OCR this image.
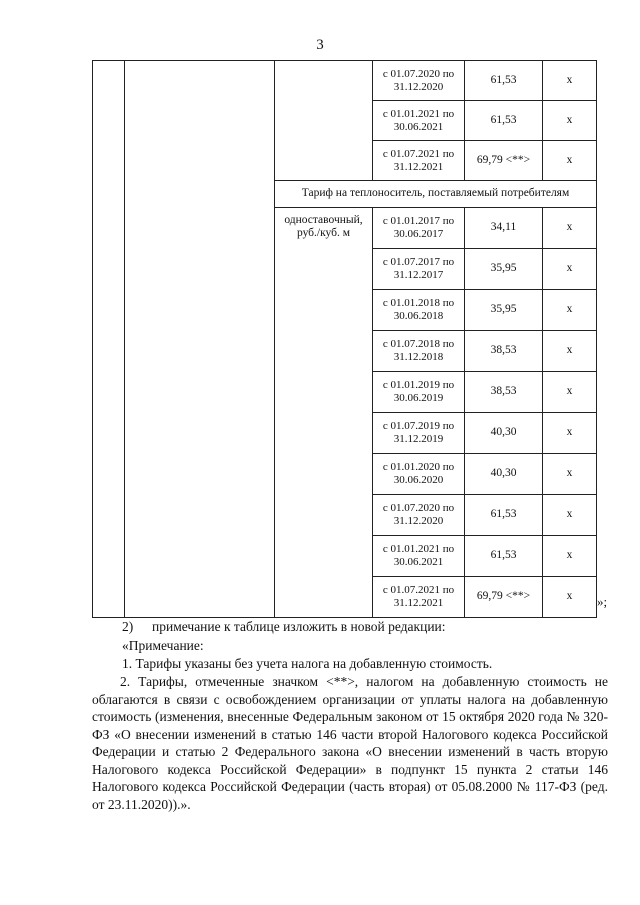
3
			с 01.07.2020 по 31.12.2020	61,53	х
			с 01.01.2021 по 30.06.2021	61,53	х
			с 01.07.2021 по 31.12.2021	69,79 <**>	х
		Тариф на теплоноситель, поставляемый потребителям			
		одноставочный, руб./куб. м	с 01.01.2017 по 30.06.2017	34,11	х
			с 01.07.2017 по 31.12.2017	35,95	х
			с 01.01.2018 по 30.06.2018	35,95	х
			с 01.07.2018 по 31.12.2018	38,53	х
			с 01.01.2019 по 30.06.2019	38,53	х
			с 01.07.2019 по 31.12.2019	40,30	х
			с 01.01.2020 по 30.06.2020	40,30	х
			с 01.07.2020 по 31.12.2020	61,53	х
			с 01.01.2021 по 30.06.2021	61,53	х
			с 01.07.2021 по 31.12.2021	69,79 <**>	х »;
2) примечание к таблице изложить в новой редакции:
«Примечание:

1. Тарифы указаны без учета налога на добавленную стоимость.

2. Тарифы, отмеченные значком <**>, налогом на добавленную стоимость не облагаются в связи с освобождением организации от уплаты налога на добавленную стоимость (изменения, внесенные Федеральным законом от 15 октября 2020 года № 320-ФЗ «О внесении изменений в статью 146 части второй Налогового кодекса Российской Федерации и статью 2 Федерального закона «О внесении изменений в часть вторую Налогового кодекса Российской Федерации» в подпункт 15 пункта 2 статьи 146 Налогового кодекса Российской Федерации (часть вторая) от 05.08.2000 № 117-ФЗ (ред. от 23.11.2020)).».
